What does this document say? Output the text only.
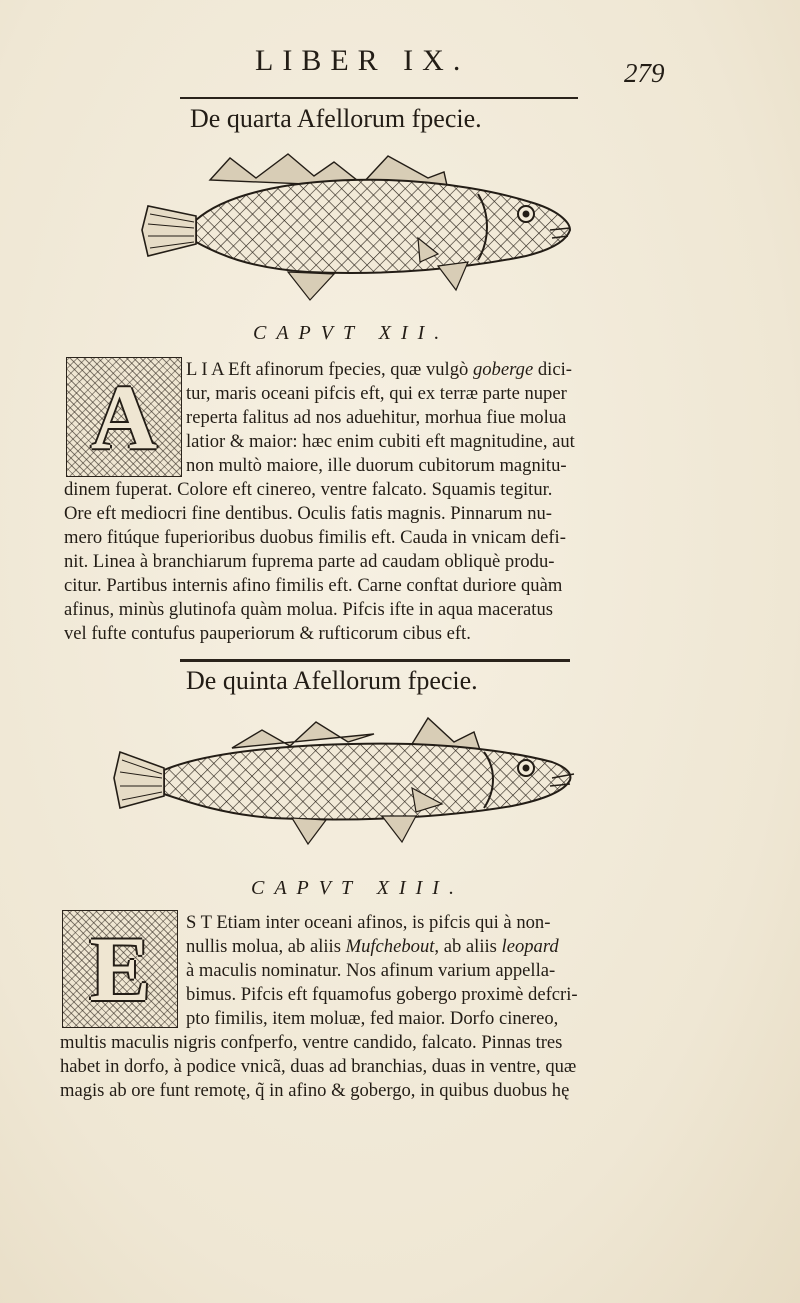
LIBER IX.	279
De quarta Afellorum fpecie.
CAPVT XII.
A	L I A Eft afinorum fpecies, quæ vulgò goberge dici-
tur, maris oceani pifcis eft, qui ex terræ parte nuper
reperta falitus ad nos aduehitur, morhua fiue molua
latior & maior: hæc enim cubiti eft magnitudine, aut
non multò maiore, ille duorum cubitorum magnitu-
dinem fuperat. Colore eft cinereo, ventre falcato. Squamis tegitur.
Ore eft mediocri fine dentibus. Oculis fatis magnis. Pinnarum nu-
mero fitúque fuperioribus duobus fimilis eft. Cauda in vnicam defi-
nit. Linea à branchiarum fuprema parte ad caudam obliquè produ-
citur. Partibus internis afino fimilis eft. Carne conftat duriore quàm
afinus, minùs glutinofa quàm molua. Pifcis ifte in aqua maceratus
vel fufte contufus pauperiorum & rufticorum cibus eft.
De quinta Afellorum fpecie.
CAPVT XIII.
E	S T Etiam inter oceani afinos, is pifcis qui à non-
nullis molua, ab aliis Mufchebout, ab aliis leopard
à maculis nominatur. Nos afinum varium appella-
bimus. Pifcis eft fquamofus gobergo proximè defcri-
pto fimilis, item moluæ, fed maior. Dorfo cinereo,
multis maculis nigris confperfo, ventre candido, falcato. Pinnas tres
habet in dorfo, à podice vnicã, duas ad branchias, duas in ventre, quæ
magis ab ore funt remotę, q̃ in afino & gobergo, in quibus duobus hę
